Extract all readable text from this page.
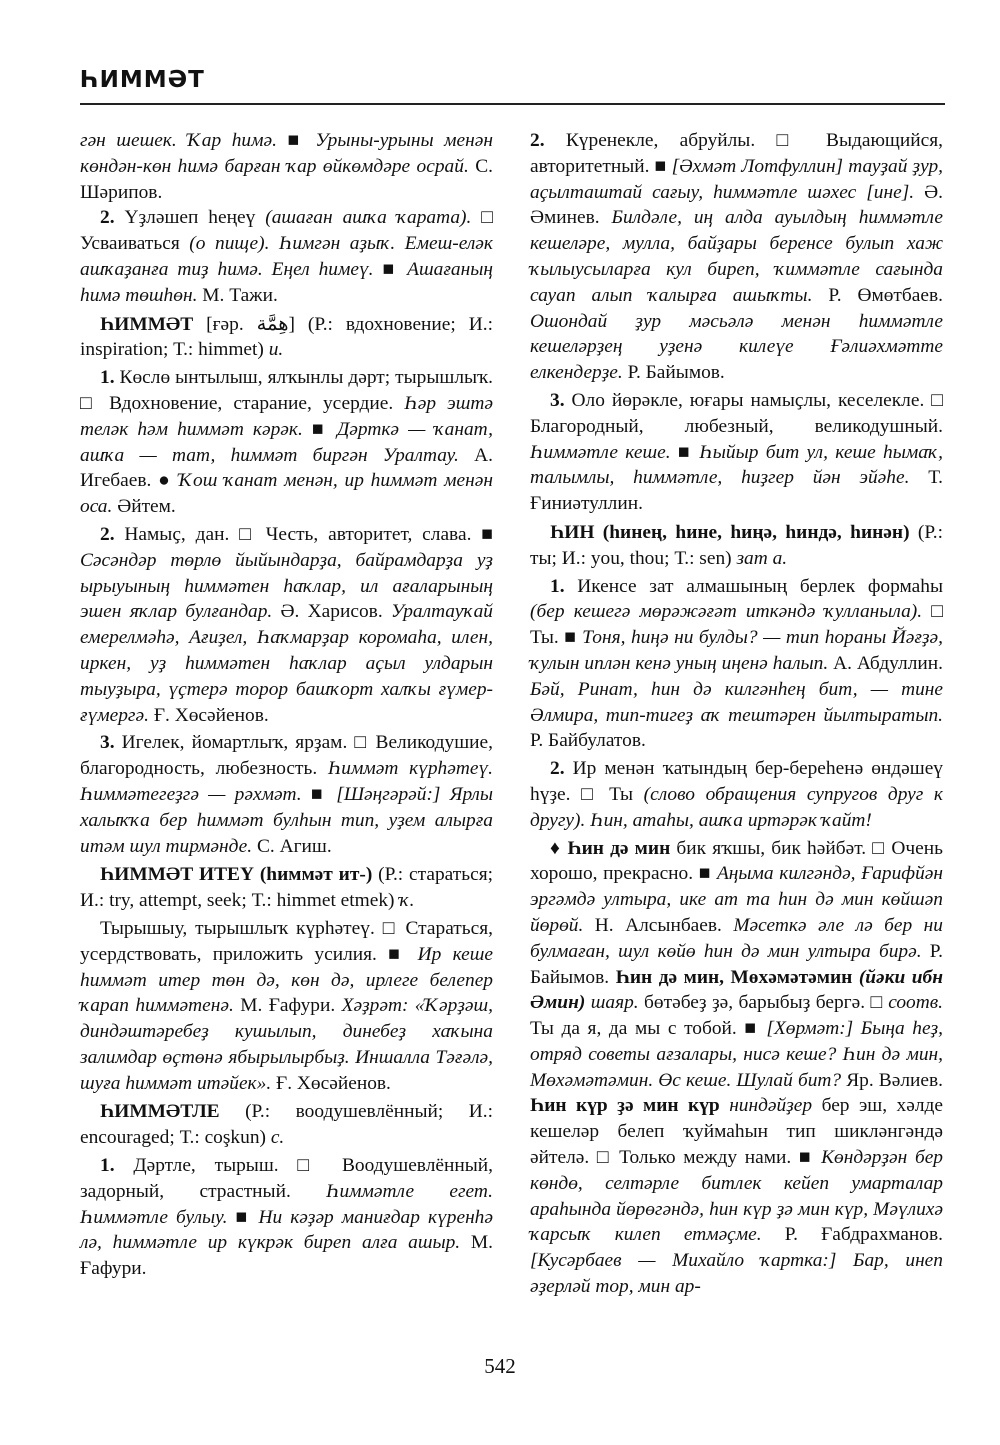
ҺИММӘТ

гән шешек. Ҡар һимә. ■ Урыны-урыны менән көндән-көн һимә барған ҡар өйкөмдәре осрай. С. Шәрипов.

2. Үҙләшеп һеңеү (ашаған ашҡа ҡарата). □ Усваиваться (о пище). Һимгән аҙыҡ. Емеш-еләк ашҡаҙанға тиҙ һимә. Еңел һимеү. ■ Ашағаның һимә төшһөн. М. Тажи.

ҺИММӘТ [ғәр. هِمَّة] (Р.: вдохновение; И.: inspiration; Т.: himmet) и.

1. Көслө ынтылыш, ялҡынлы дәрт; тырышлыҡ. □ Вдохновение, старание, усердие. Һәр эштә теләк һәм һиммәт кәрәк. ■ Дәрткә — ҡанат, ашҡа — тат, һиммәт биргән Уралтау. А. Игебаев. ● Ҡош ҡанат менән, ир һиммәт менән оса. Әйтем.

2. Намыҫ, дан. □ Честь, авторитет, слава. ■ Сәсәндәр төрлө йыйындарҙа, байрамдарҙа уҙ ырыуының һиммәтен һаҡлар, ил ағаларының эшен яҡлар булғандар. Ә. Харисов. Уралтауҡай емерелмәһә, Ағиҙел, Һаҡмарҙар коромаһа, илен, иркен, уҙ һиммәтен һаҡлар аҫыл улдарын тыуҙыра, үҫтерә торор башҡорт халҡы ғүмер-ғүмергә. Ғ. Хөсәйенов.

3. Игелек, йомартлыҡ, ярҙам. □ Великодушие, благородность, любезность. Һиммәт күрһәтеү. Һиммәтегеҙгә — рәхмәт. ■ [Шәңгәрәй:] Ярлы халыҡҡа бер һиммәт булһын тип, уҙем алырға итәм шул тирмәнде. С. Агиш.

ҺИММӘТ ИТЕҮ (һиммәт ит-) (Р.: стараться; И.: try, attempt, seek; Т.: himmet etmek) ҡ.

Тырышыу, тырышлыҡ күрһәтеү. □ Стараться, усердствовать, приложить усилия. ■ Ир кеше һиммәт итер төн дә, көн дә, ирлеге белепер ҡарап һиммәтенә. М. Ғафури. Хәҙрәт: «Ҡәрҙәш, диндәштәребеҙ кушылып, динебеҙ хаҡына залимдар өҫтөнә ябырылырбыҙ. Иншалла Тәғәлә, шуға һиммәт итәйек». Ғ. Хөсәйенов.

ҺИММӘТЛЕ (Р.: воодушевлённый; И.: encouraged; Т.: coşkun) с.

1. Дәртле, тырыш. □ Воодушевлённый, задорный, страстный. Һиммәтле егет. Һиммәтле булыу. ■ Ни кәҙәр маниғдар күренһә лә, һиммәтле ир күкрәк биреп алға ашыр. М. Ғафури.

2. Күренекле, абруйлы. □ Выдающийся, авторитетный. ■ [Әхмәт Лотфуллин] тауҙай ҙур, аҫылташтай сағыу, һиммәтле шәхес [ине]. Ә. Әминев. Билдәле, иң алда ауылдың һиммәтле кешеләре, мулла, байҙары беренсе булып хаж ҡылыусыларға кул биреп, ҡиммәтле сағында сауап алып ҡалырға ашыҡты. Р. Өмөтбаев. Ошондай ҙур мәсьәлә менән һиммәтле кешеләрҙең уҙенә килеүе Ғәлиәхмәтте елкендерҙе. Р. Байымов.

3. Оло йөрәкле, юғары намыҫлы, кеселекле. □ Благородный, любезный, великодушный. Һиммәтле кеше. ■ Һыйыр бит ул, кеше һымаҡ, талымлы, һиммәтле, һиҙгер йән эйәһе. Т. Ғиниәтуллин.

ҺИН (һинең, һине, һиңә, һиндә, һинән) (Р.: ты; И.: you, thou; Т.: sen) зат а.

1. Икенсе зат алмашының берлек формаһы (бер кешегә мөрәжәғәт иткәндә ҡулланыла). □ Ты. ■ Тоня, һиңә ни булды? — тип һораны Йәғҙә, ҡулын иплән кенә уның иңенә һалып. А. Абдуллин. Бәй, Ринат, һин дә килгәнһең бит, — тине Әлмира, тип-тигеҙ аҡ тештәрен йылтыратып. Р. Байбулатов.

2. Ир менән ҡатындың бер-береһенә өндәшеү һүҙе. □ Ты (слово обращения супругов друг к другу). Һин, атаһы, ашҡа иртәрәк ҡайт!

♦ Һин дә мин бик яҡшы, бик һәйбәт. □ Очень хорошо, прекрасно. ■ Аңыма килгәндә, Ғарифйән эргәмдә ултыра, ике ат та һин дә мин көйшәп йөрөй. Н. Алсынбаев. Мәсеткә әле лә бер ни булмаған, шул көйө һин дә мин ултыра бирә. Р. Байымов. Һин дә мин, Мөхәмәтәмин (йәки ибн Әмин) шаяр. бөтәбеҙ ҙә, барыбыҙ бергә. □ соотв. Ты да я, да мы с тобой. ■ [Хөрмәт:] Быңа һеҙ, отряд советы ағзалары, нисә кеше? Һин дә мин, Мөхәмәтәмин. Өс кеше. Шулай бит? Яр. Вәлиев. Һин күр ҙә мин күр ниндәйҙер бер эш, хәлде кешеләр белеп ҡуймаһын тип шикләнгәндә әйтелә. □ Только между нами. ■ Көндәрҙән бер көндө, селтәрле битлек кейеп умарталар араһында йөрөгәндә, һин күр ҙә мин күр, Мәүлихә ҡарсыҡ килеп етмәҫме. Р. Ғабдрахманов. [Кусәрбаев — Михайло ҡартка:] Бар, инеп әҙерләй тор, мин ар-

542
